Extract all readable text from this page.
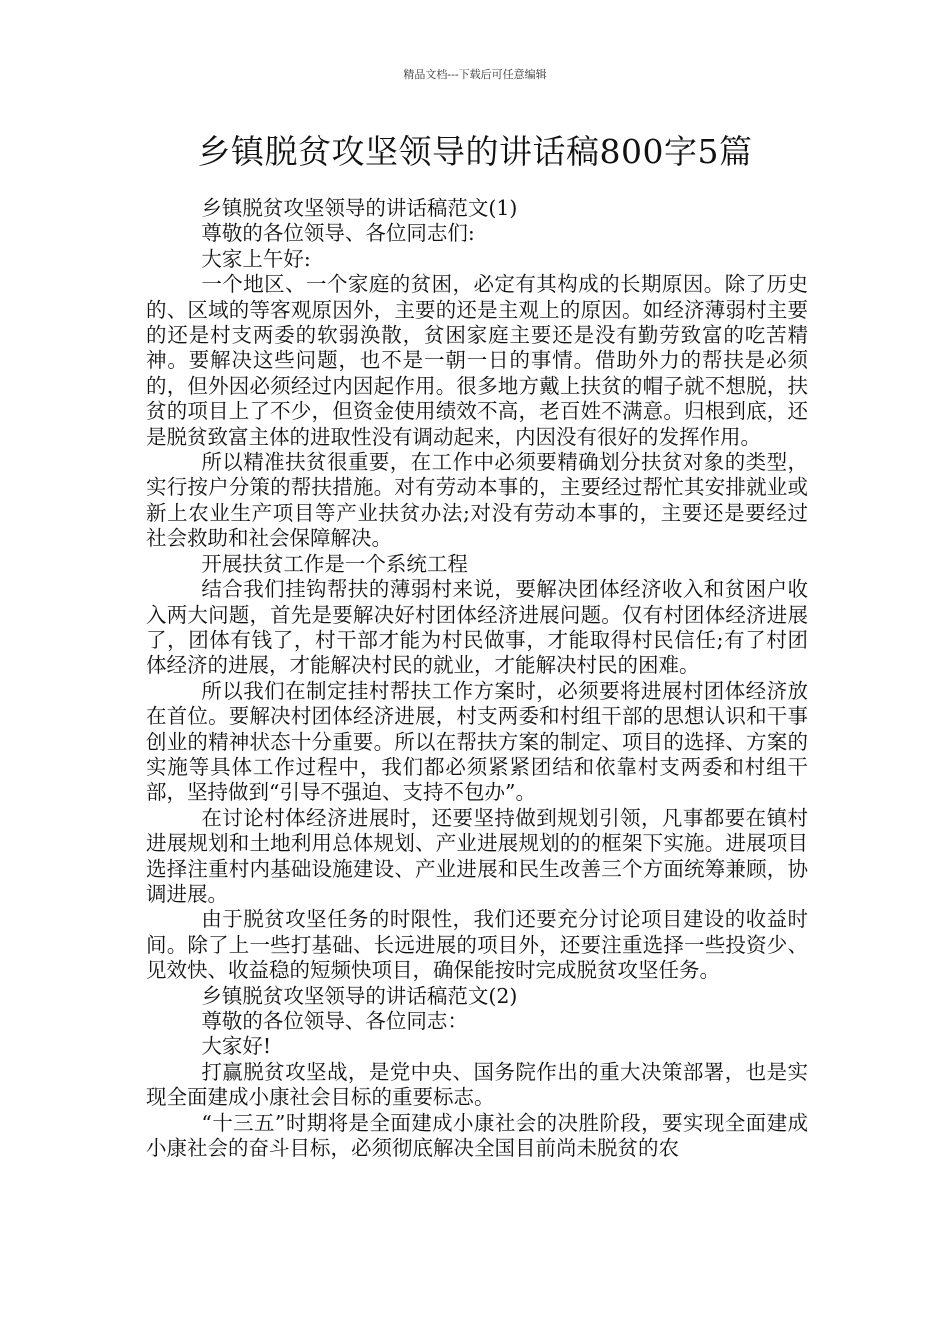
精品文档---下载后可任意编辑
乡镇脱贫攻坚领导的讲话稿800字5篇

乡镇脱贫攻坚领导的讲话稿范文(1)

尊敬的各位领导、各位同志们:

大家上午好:

一个地区、一个家庭的贫困，必定有其构成的长期原因。除了历史的、区域的等客观原因外，主要的还是主观上的原因。如经济薄弱村主要的还是村支两委的软弱涣散，贫困家庭主要还是没有勤劳致富的吃苦精神。要解决这些问题，也不是一朝一日的事情。借助外力的帮扶是必须的，但外因必须经过内因起作用。很多地方戴上扶贫的帽子就不想脱，扶贫的项目上了不少，但资金使用绩效不高，老百姓不满意。归根到底，还是脱贫致富主体的进取性没有调动起来，内因没有很好的发挥作用。

所以精准扶贫很重要，在工作中必须要精确划分扶贫对象的类型，实行按户分策的帮扶措施。对有劳动本事的，主要经过帮忙其安排就业或新上农业生产项目等产业扶贫办法;对没有劳动本事的，主要还是要经过社会救助和社会保障解决。

开展扶贫工作是一个系统工程

结合我们挂钩帮扶的薄弱村来说，要解决团体经济收入和贫困户收入两大问题，首先是要解决好村团体经济进展问题。仅有村团体经济进展了，团体有钱了，村干部才能为村民做事，才能取得村民信任;有了村团体经济的进展，才能解决村民的就业，才能解决村民的困难。

所以我们在制定挂村帮扶工作方案时，必须要将进展村团体经济放在首位。要解决村团体经济进展，村支两委和村组干部的思想认识和干事创业的精神状态十分重要。所以在帮扶方案的制定、项目的选择、方案的实施等具体工作过程中，我们都必须紧紧团结和依靠村支两委和村组干部，坚持做到“引导不强迫、支持不包办”。

在讨论村体经济进展时，还要坚持做到规划引领，凡事都要在镇村进展规划和土地利用总体规划、产业进展规划的的框架下实施。进展项目选择注重村内基础设施建设、产业进展和民生改善三个方面统筹兼顾，协调进展。

由于脱贫攻坚任务的时限性，我们还要充分讨论项目建设的收益时间。除了上一些打基础、长远进展的项目外，还要注重选择一些投资少、见效快、收益稳的短频快项目，确保能按时完成脱贫攻坚任务。

乡镇脱贫攻坚领导的讲话稿范文(2)

尊敬的各位领导、各位同志：

大家好!

打赢脱贫攻坚战，是党中央、国务院作出的重大决策部署，也是实现全面建成小康社会目标的重要标志。

“十三五”时期将是全面建成小康社会的决胜阶段，要实现全面建成小康社会的奋斗目标，必须彻底解决全国目前尚未脱贫的农
